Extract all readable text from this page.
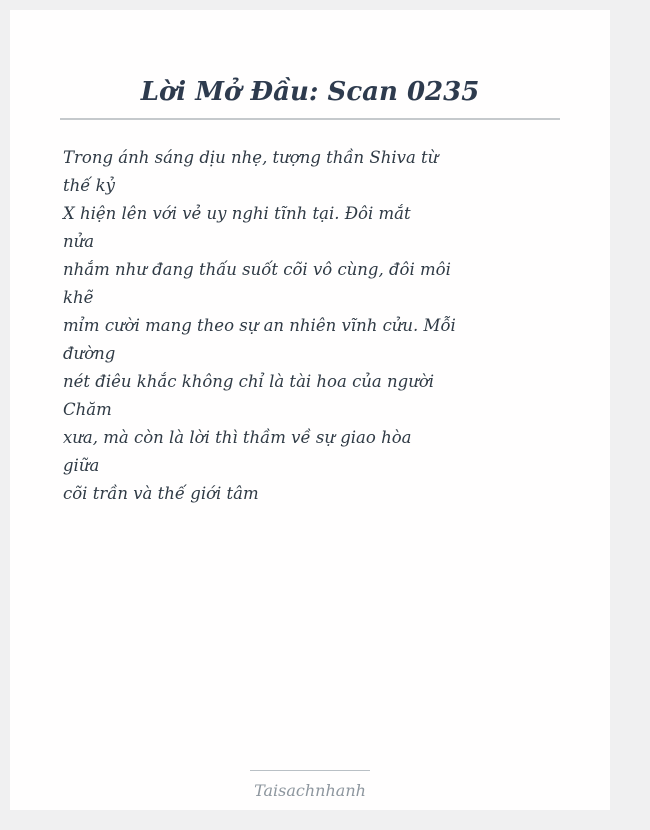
Lời Mở Đầu: Scan 0235
Trong ánh sáng dịu nhẹ, tượng thần Shiva từ
thế kỷ
X hiện lên với vẻ uy nghi tĩnh tại. Đôi mắt
nửa
nhắm như đang thấu suốt cõi vô cùng, đôi môi
khẽ
mỉm cười mang theo sự an nhiên vĩnh cửu. Mỗi
đường
nét điêu khắc không chỉ là tài hoa của người
Chăm
xưa, mà còn là lời thì thầm về sự giao hòa
giữa
cõi trần và thế giới tâm
Taisachnhanh
